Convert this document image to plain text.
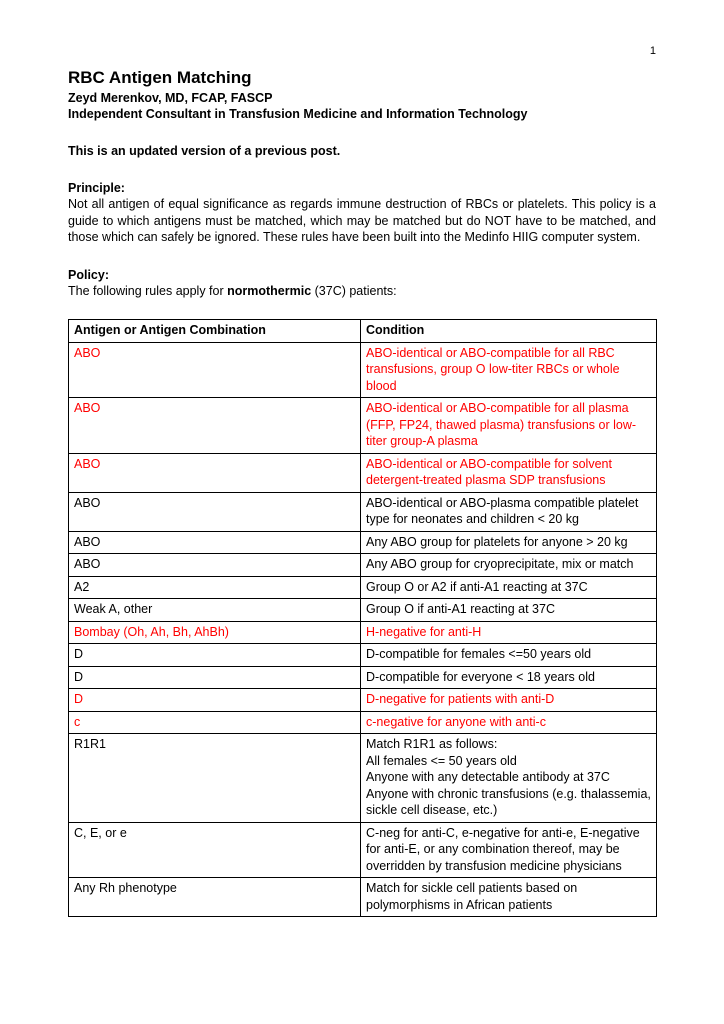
1
RBC Antigen Matching

Zeyd Merenkov, MD, FCAP, FASCP

Independent Consultant in Transfusion Medicine and Information Technology

This is an updated version of a previous post.

Principle:

Not all antigen of equal significance as regards immune destruction of RBCs or platelets. This policy is a guide to which antigens must be matched, which may be matched but do NOT have to be matched, and those which can safely be ignored. These rules have been built into the Medinfo HIIG computer system.

Policy:

The following rules apply for normothermic (37C) patients:

Antigen or Antigen Combination	Condition
ABO	ABO-identical or ABO-compatible for all RBC transfusions, group O low-titer RBCs or whole blood
ABO	ABO-identical or ABO-compatible for all plasma (FFP, FP24, thawed plasma) transfusions or low-titer group-A plasma
ABO	ABO-identical or ABO-compatible for solvent detergent-treated plasma SDP transfusions
ABO	ABO-identical or ABO-plasma compatible platelet type for neonates and children < 20 kg
ABO	Any ABO group for platelets for anyone > 20 kg
ABO	Any ABO group for cryoprecipitate, mix or match
A2	Group O or A2 if anti-A1 reacting at 37C
Weak A, other	Group O if anti-A1 reacting at 37C
Bombay (Oh, Ah, Bh, AhBh)	H-negative for anti-H
D	D-compatible for females <=50 years old
D	D-compatible for everyone < 18 years old
D	D-negative for patients with anti-D
c	c-negative for anyone with anti-c
R1R1	Match R1R1 as follows:
All females <= 50 years old
Anyone with any detectable antibody at 37C
Anyone with chronic transfusions (e.g. thalassemia, sickle cell disease, etc.)
C, E, or e	C-neg for anti-C, e-negative for anti-e, E-negative for anti-E, or any combination thereof, may be overridden by transfusion medicine physicians
Any Rh phenotype	Match for sickle cell patients based on polymorphisms in African patients
